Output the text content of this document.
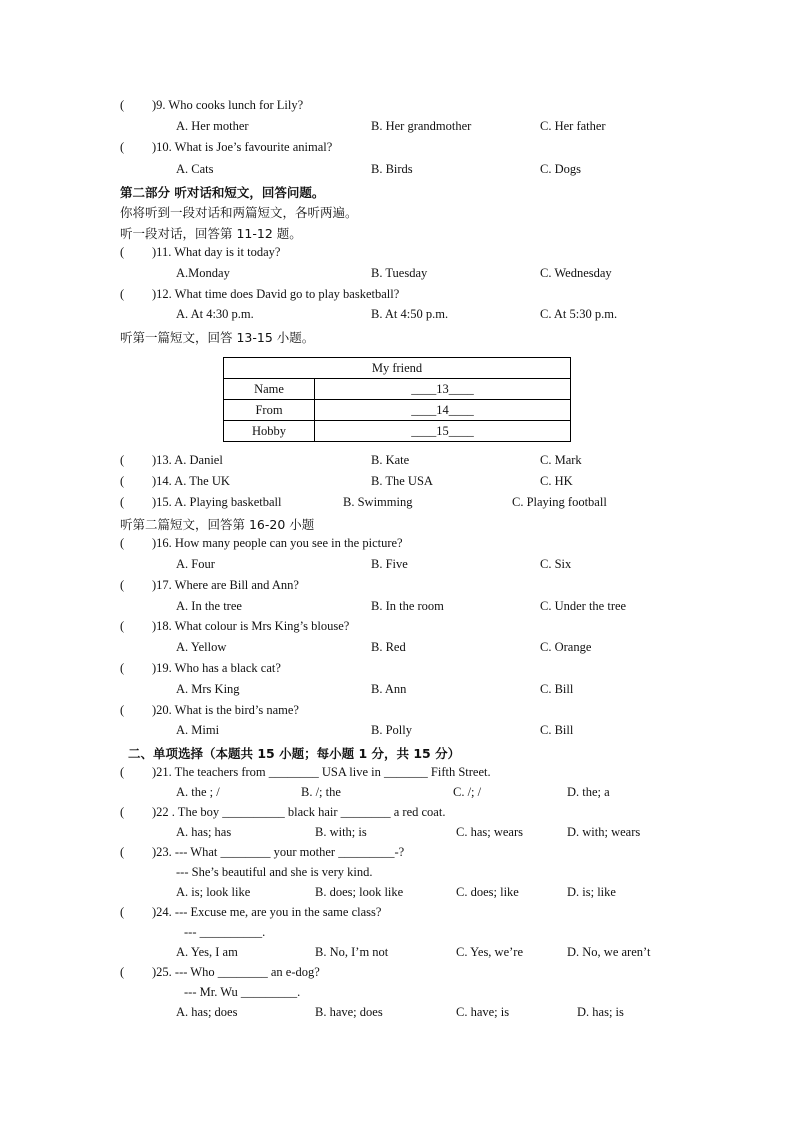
( )9. Who cooks lunch for Lily?
A. Her mother	B. Her grandmother	C. Her father
( )10. What is Joe’s favourite animal?
A. Cats	B. Birds	C. Dogs
第二部分 听对话和短文，回答问题。
你将听到一段对话和两篇短文，各听两遍。
听一段对话，回答第 11-12 题。
( )11. What day is it today?
A.Monday	B. Tuesday	C. Wednesday
( )12. What time does David go to play basketball?
A. At 4:30 p.m.	B. At 4:50 p.m.	C. At 5:30 p.m.
听第一篇短文，回答 13-15 小题。
My friend	
Name	____13____
From	____14____
Hobby	____15____
( )13. A. Daniel	B. Kate	C. Mark
( )14. A. The UK	B. The USA	C. HK
( )15. A. Playing basketball	B. Swimming	C. Playing football
听第二篇短文，回答第 16-20 小题
( )16. How many people can you see in the picture?
A. Four	B. Five	C. Six
( )17. Where are Bill and Ann?
A. In the tree	B. In the room	C. Under the tree
( )18. What colour is Mrs King’s blouse?
A. Yellow	B. Red	C. Orange
( )19. Who has a black cat?
A. Mrs King	B. Ann	C. Bill
( )20. What is the bird’s name?
A. Mimi	B. Polly	C. Bill
二、单项选择（本题共 15 小题；每小题 1 分，共 15 分）
( )21. The teachers from ________ USA live in _______ Fifth Street.
A. the ; /	B. /; the	C. /; /	D. the; a
( )22 . The boy __________ black hair ________ a red coat.
A. has; has	B. with; is	C. has; wears	D. with; wears
( )23. --- What ________ your mother _________-?
--- She’s beautiful and she is very kind.
A. is; look like	B. does; look like	C. does; like	D. is; like
( )24. --- Excuse me, are you in the same class?
--- __________.
A. Yes, I am	B. No, I’m not	C. Yes, we’re	D. No, we aren’t
( )25. --- Who ________ an e-dog?
--- Mr. Wu _________.
A. has; does	B. have; does	C. have; is	D. has; is
